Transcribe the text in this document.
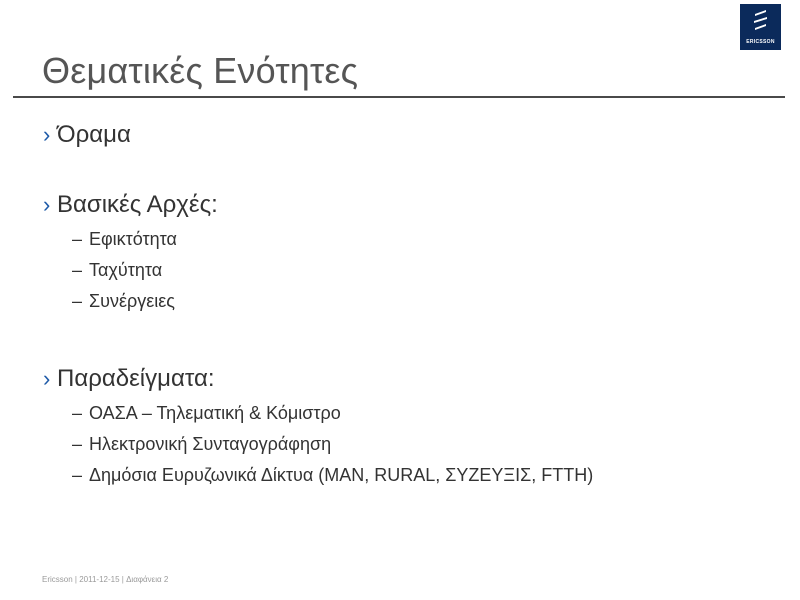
ERICSSON
Θεματικές Ενότητες
› Όραμα
› Βασικές Αρχές:
– Εφικτότητα
– Ταχύτητα
– Συνέργειες
› Παραδείγματα:
– ΟΑΣΑ – Τηλεματική & Κόμιστρο
– Ηλεκτρονική Συνταγογράφηση
– Δημόσια Ευρυζωνικά Δίκτυα (MAN, RURAL, ΣΥΖΕΥΞΙΣ, FTTH)
Ericsson | 2011-12-15 | Διαφάνεια 2
